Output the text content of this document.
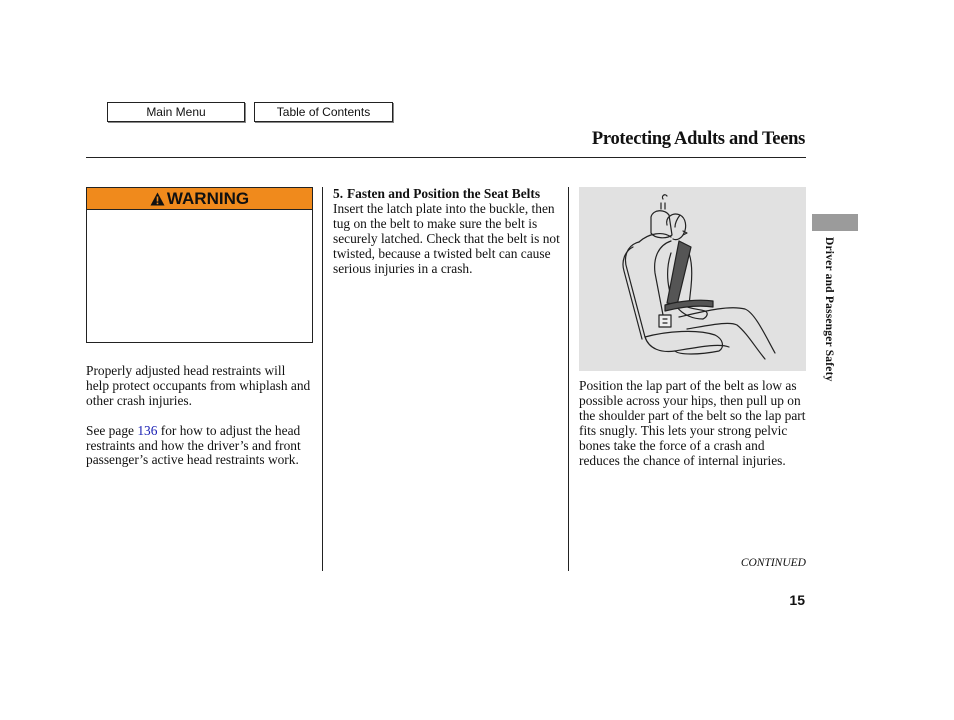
Main Menu	Table of Contents
Protecting Adults and Teens
WARNING

Properly adjusted head restraints will help protect occupants from whiplash and other crash injuries.

See page 136 for how to adjust the head restraints and how the driver’s and front passenger’s active head restraints work.

5. Fasten and Position the Seat Belts

Insert the latch plate into the buckle, then tug on the belt to make sure the belt is securely latched. Check that the belt is not twisted, because a twisted belt can cause serious injuries in a crash.

Position the lap part of the belt as low as possible across your hips, then pull up on the shoulder part of the belt so the lap part fits snugly. This lets your strong pelvic bones take the force of a crash and reduces the chance of internal injuries.

Driver and Passenger Safety
CONTINUED
15
